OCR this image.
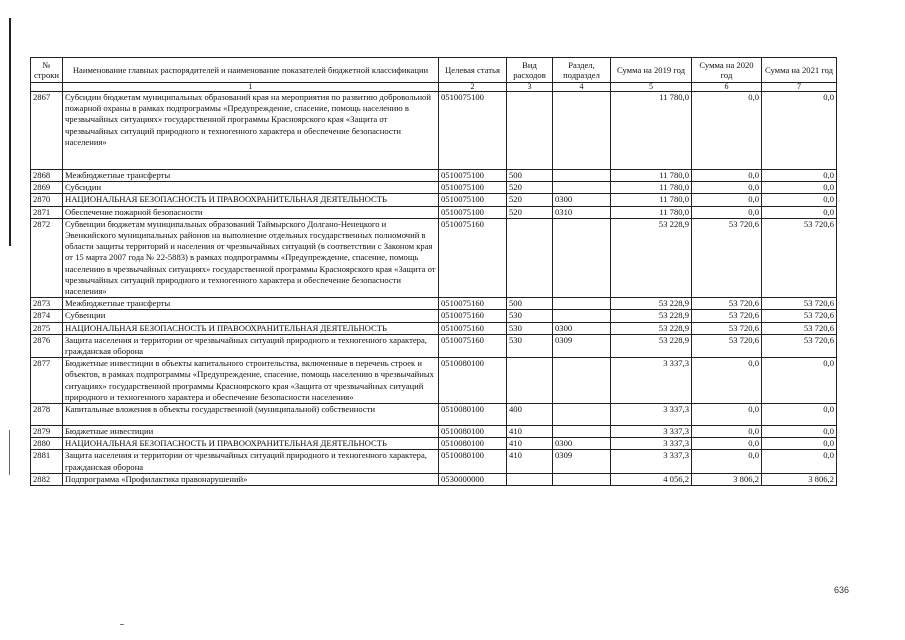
№ строки	Наименование главных распорядителей и наименование показателей бюджетной классификации	Целевая статья	Вид расходов	Раздел, подраздел	Сумма на 2019 год	Сумма на 2020 год	Сумма на 2021 год
	1	2	3	4	5	6	7
2867	Субсидии бюджетам муниципальных образований края на мероприятия по развитию добровольной пожарной охраны в рамках подпрограммы «Предупреждение, спасение, помощь населению в чрезвычайных ситуациях» государственной программы Красноярского края «Защита от чрезвычайных ситуаций природного и техногенного характера и обеспечение безопасности населения»	0510075100			11 780,0	0,0	0,0
2868	Межбюджетные трансферты	0510075100	500		11 780,0	0,0	0,0
2869	Субсидии	0510075100	520		11 780,0	0,0	0,0
2870	НАЦИОНАЛЬНАЯ БЕЗОПАСНОСТЬ И ПРАВООХРАНИТЕЛЬНАЯ ДЕЯТЕЛЬНОСТЬ	0510075100	520	0300	11 780,0	0,0	0,0
2871	Обеспечение пожарной безопасности	0510075100	520	0310	11 780,0	0,0	0,0
2872	Субвенции бюджетам муниципальных образований Таймырского Долгано-Ненецкого и Эвенкийского муниципальных районов на выполнение отдельных государственных полномочий в области защиты территорий и населения от чрезвычайных ситуаций (в соответствии с Законом края от 15 марта 2007 года № 22-5883) в рамках подпрограммы «Предупреждение, спасение, помощь населению в чрезвычайных ситуациях» государственной программы Красноярского края «Защита от чрезвычайных ситуаций природного и техногенного характера и обеспечение безопасности населения»	0510075160			53 228,9	53 720,6	53 720,6
2873	Межбюджетные трансферты	0510075160	500		53 228,9	53 720,6	53 720,6
2874	Субвенции	0510075160	530		53 228,9	53 720,6	53 720,6
2875	НАЦИОНАЛЬНАЯ БЕЗОПАСНОСТЬ И ПРАВООХРАНИТЕЛЬНАЯ ДЕЯТЕЛЬНОСТЬ	0510075160	530	0300	53 228,9	53 720,6	53 720,6
2876	Защита населения и территории от чрезвычайных ситуаций природного и техногенного характера, гражданская оборона	0510075160	530	0309	53 228,9	53 720,6	53 720,6
2877	Бюджетные инвестиции в объекты капитального строительства, включенные в перечень строек и объектов, в рамках подпрограммы «Предупреждение, спасение, помощь населению в чрезвычайных ситуациях» государственной программы Красноярского края «Защита от чрезвычайных ситуаций природного и техногенного характера и обеспечение безопасности населения»	0510080100			3 337,3	0,0	0,0
2878	Капитальные вложения в объекты государственной (муниципальной) собственности	0510080100	400		3 337,3	0,0	0,0
2879	Бюджетные инвестиции	0510080100	410		3 337,3	0,0	0,0
2880	НАЦИОНАЛЬНАЯ БЕЗОПАСНОСТЬ И ПРАВООХРАНИТЕЛЬНАЯ ДЕЯТЕЛЬНОСТЬ	0510080100	410	0300	3 337,3	0,0	0,0
2881	Защита населения и территории от чрезвычайных ситуаций природного и техногенного характера, гражданская оборона	0510080100	410	0309	3 337,3	0,0	0,0
2882	Подпрограмма «Профилактика правонарушений»	0530000000			4 056,2	3 806,2	3 806,2
636
